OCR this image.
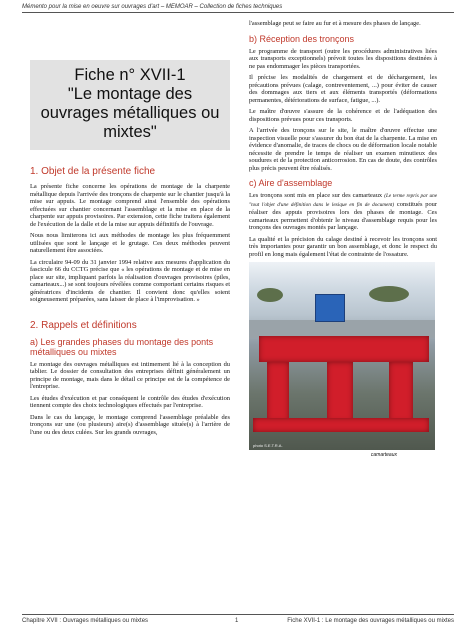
Mémento pour la mise en oeuvre sur ouvrages d'art – MEMOAR – Collection de fiches techniques
Fiche n° XVII-1
"Le montage des
ouvrages métalliques ou
mixtes"
1. Objet de la présente fiche

La présente fiche concerne les opérations de montage de la charpente métallique depuis l'arrivée des tronçons de charpente sur le chantier jusqu'à la mise sur appuis. Le montage comprend ainsi l'ensemble des opérations effectuées sur chantier concernant l'assemblage et la mise en place de la charpente sur appuis provisoires. Par extension, cette fiche traitera également de l'exécution de la dalle et de la mise sur appuis définitifs de l'ouvrage.

Nous nous limiterons ici aux méthodes de montage les plus fréquemment utilisées que sont le lançage et le grutage. Ces deux méthodes peuvent naturellement être associées.

La circulaire 94-09 du 31 janvier 1994 relative aux mesures d'application du fascicule 66 du CCTG précise que « les opérations de montage et de mise en place sur site, impliquant parfois la réalisation d'ouvrages provisoires (piles, camarteaux...) se sont toujours révélées comme comportant certains risques et génératrices d'incidents de chantier. Il convient donc qu'elles soient soigneusement préparées, sans laisser de place à l'improvisation. »

2. Rappels et définitions
a) Les grandes phases du montage des ponts métalliques ou mixtes

Le montage des ouvrages métalliques est intimement lié à la conception du tablier. Le dossier de consultation des entreprises définit généralement un principe de montage, mais dans le détail ce principe est de la compétence de l'entreprise.

Les études d'exécution et par conséquent le contrôle des études d'exécution tiennent compte des choix technologiques effectués par l'entreprise.

Dans le cas du lançage, le montage comprend l'assemblage préalable des tronçons sur une (ou plusieurs) aire(s) d'assemblage située(s) à l'arrière de l'une ou des deux culées. Sur les grands ouvrages,

l'assemblage peut se faire au fur et à mesure des phases de lançage.

b) Réception des tronçons

Le programme de transport (outre les procédures administratives liées aux transports exceptionnels) prévoit toutes les dispositions destinées à ne pas endommager les pièces transportées.

Il précise les modalités de chargement et de déchargement, les précautions prévues (calage, contreventement, ...) pour éviter de causer des dommages aux tiers et aux éléments transportés (déformations permanentes, détériorations de surface, fatigue, ...).

Le maître d'œuvre s'assure de la cohérence et de l'adéquation des dispositions prévues pour ces transports.

A l'arrivée des tronçons sur le site, le maître d'œuvre effectue une inspection visuelle pour s'assurer du bon état de la charpente. La mise en évidence d'anomalie, de traces de chocs ou de déformation locale notable nécessite de prendre le temps de réaliser un examen minutieux des soudures et de la protection anticorrosion. En cas de doute, des contrôles plus précis peuvent être réalisés.

c) Aire d'assemblage

Les tronçons sont mis en place sur des camarteaux (Le terme repris par une "tout l'objet d'une définition dans le lexique en fin de document) constitués pour réaliser des appuis provisoires lors des phases de montage. Ces camarteaux permettent d'obtenir le niveau d'assemblage requis pour les tronçons des ouvrages montés par lançage.

La qualité et la précision du calage destiné à recevoir les tronçons sont très importantes pour garantir un bon assemblage, et donc le respect du profil en long mais également l'état de contrainte de l'ossature.

photo S.E.T.R.A.
camarteaux
Chapitre XVII : Ouvrages métalliques ou mixtes	1	Fiche XVII-1 : Le montage des ouvrages métalliques ou mixtes
